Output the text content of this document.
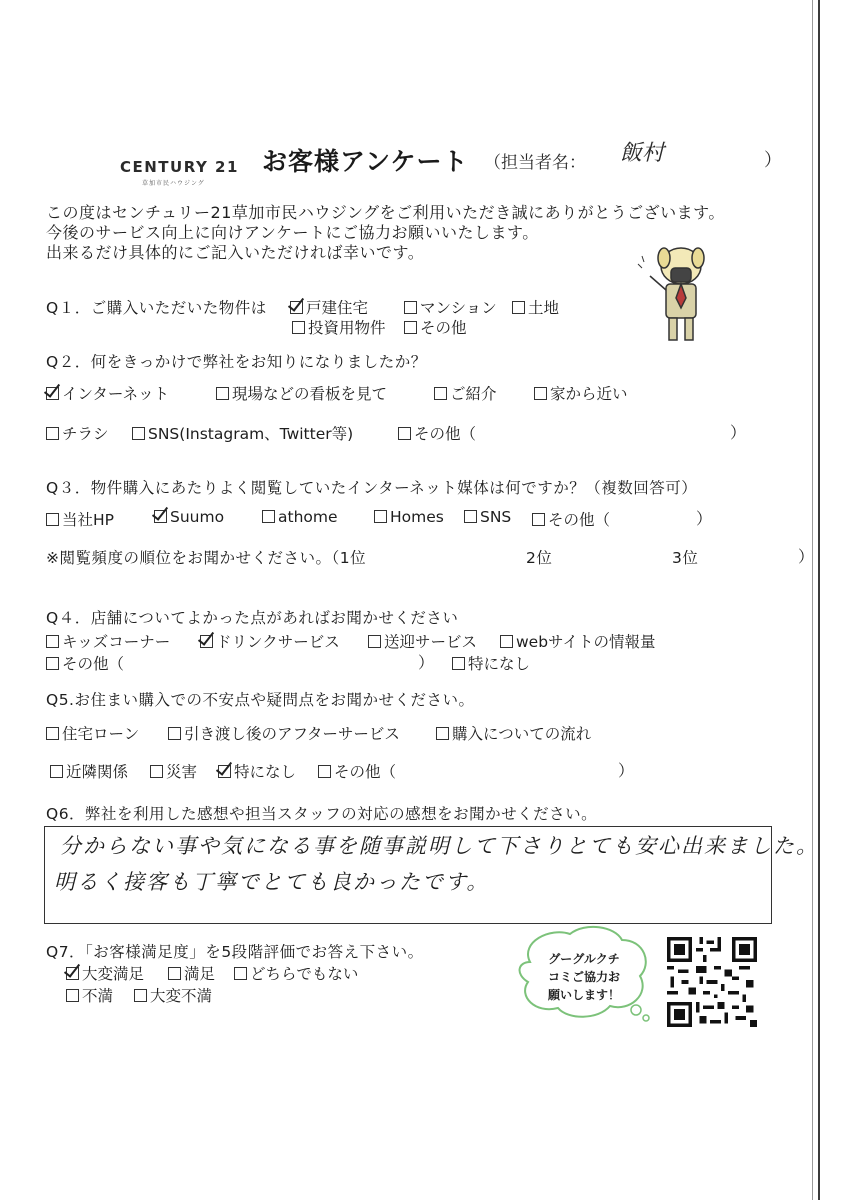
CENTURY 21
草加市民ハウジング
お客様アンケート （担当者名： 飯村	）
この度はセンチュリー21草加市民ハウジングをご利用いただき誠にありがとうございます。
今後のサービス向上に向けアンケートにご協力お願いいたします。
出来るだけ具体的にご記入いただければ幸いです。
Q１．ご購入いただいた物件は	戸建住宅	マンション	土地
投資用物件	その他
Q２．何をきっかけで弊社をお知りになりましたか？
インターネット	現場などの看板を見て	ご紹介	家から近い
チラシ	SNS(Instagram、Twitter等)	その他（	）
Q３．物件購入にあたりよく閲覧していたインターネット媒体は何ですか？（複数回答可）
当社HP	Suumo	athome	Homes	SNS	その他（	）
※閲覧頻度の順位をお聞かせください。（1位	2位	3位	）
Q４．店舗についてよかった点があればお聞かせください
キッズコーナー	ドリンクサービス	送迎サービス	webサイトの情報量
その他（	）	特になし
Q5.お住まい購入での不安点や疑問点をお聞かせください。
住宅ローン	引き渡し後のアフターサービス	購入についての流れ
近隣関係	災害	特になし	その他（	）
Q6．弊社を利用した感想や担当スタッフの対応の感想をお聞かせください。
分からない事や気になる事を随事説明して下さりとても安心出来ました。
明るく接客も丁寧でとても良かったです。
Q7．「お客様満足度」を5段階評価でお答え下さい。
大変満足	満足	どちらでもない
不満	大変不満
グーグルクチ
コミご協力お
願いします！
